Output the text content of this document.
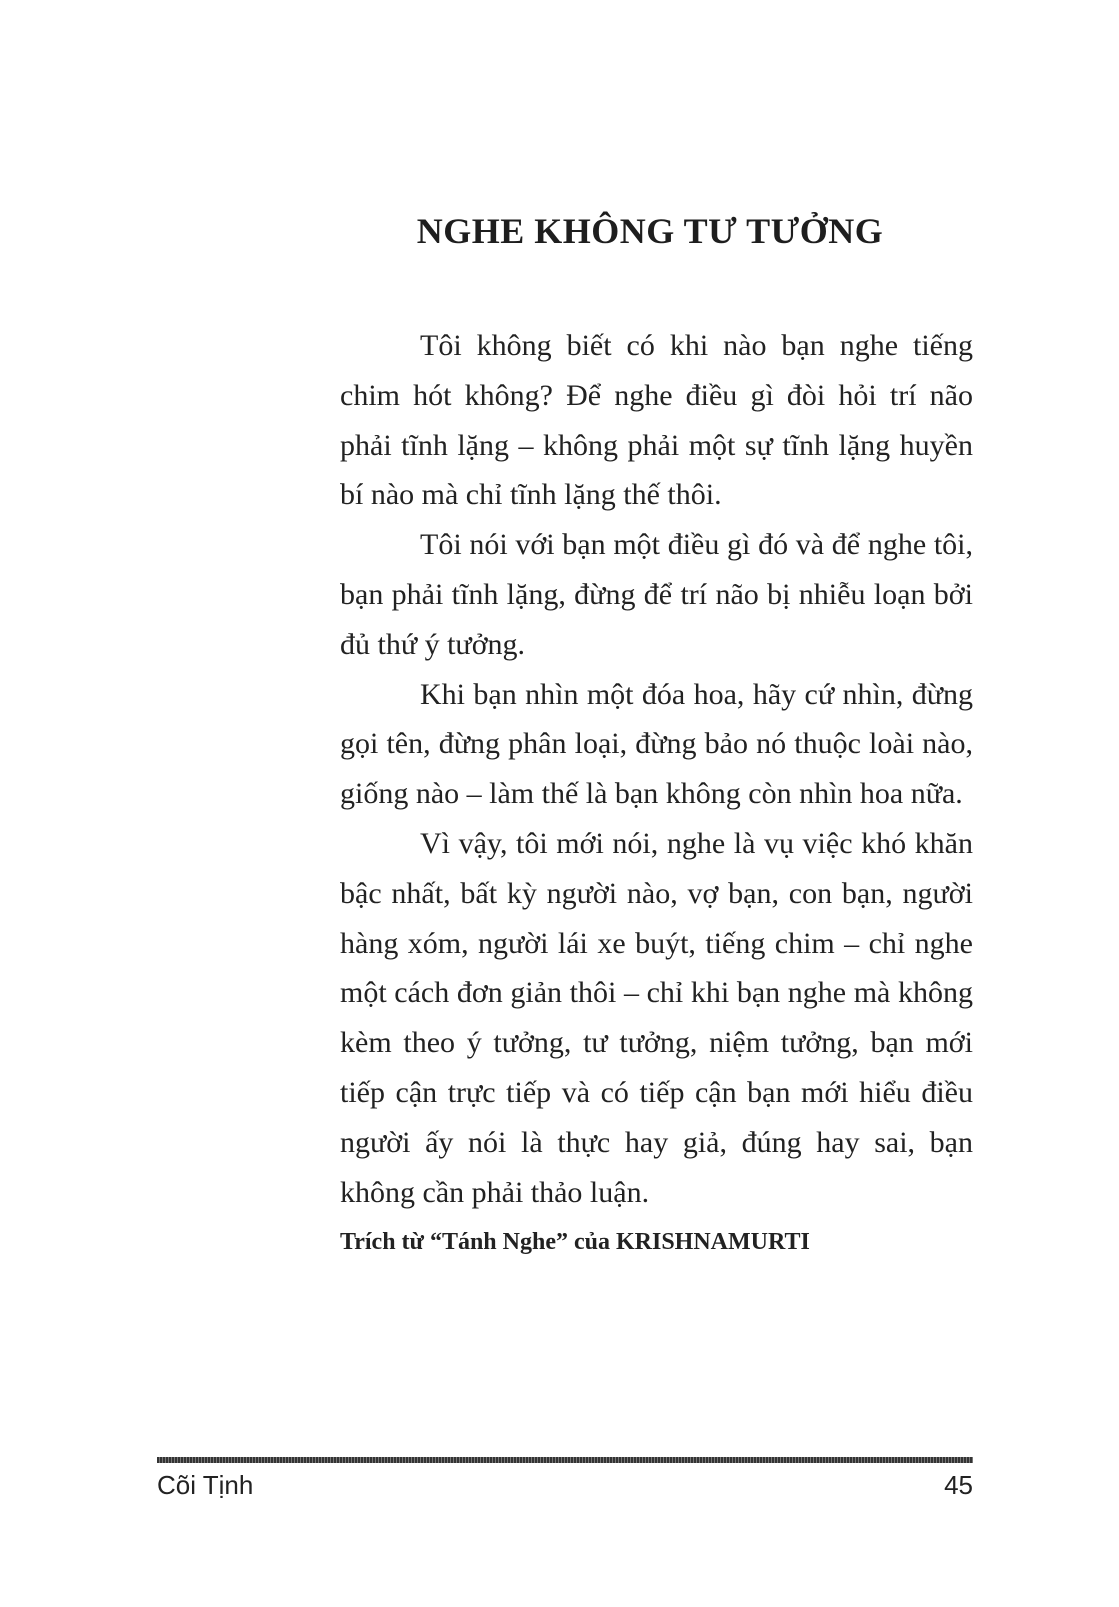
NGHE KHÔNG TƯ TƯỞNG

Tôi không biết có khi nào bạn nghe tiếng chim hót không? Để nghe điều gì đòi hỏi trí não phải tĩnh lặng – không phải một sự tĩnh lặng huyền bí nào mà chỉ tĩnh lặng thế thôi.

Tôi nói với bạn một điều gì đó và để nghe tôi, bạn phải tĩnh lặng, đừng để trí não bị nhiễu loạn bởi đủ thứ ý tưởng.

Khi bạn nhìn một đóa hoa, hãy cứ nhìn, đừng gọi tên, đừng phân loại, đừng bảo nó thuộc loài nào, giống nào – làm thế là bạn không còn nhìn hoa nữa.

Vì vậy, tôi mới nói, nghe là vụ việc khó khăn bậc nhất, bất kỳ người nào, vợ bạn, con bạn, người hàng xóm, người lái xe buýt, tiếng chim – chỉ nghe một cách đơn giản thôi – chỉ khi bạn nghe mà không kèm theo ý tưởng, tư tưởng, niệm tưởng, bạn mới tiếp cận trực tiếp và có tiếp cận bạn mới hiểu điều người ấy nói là thực hay giả, đúng hay sai, bạn không cần phải thảo luận.

Trích từ “Tánh Nghe” của KRISHNAMURTI

Cõi Tịnh	45
